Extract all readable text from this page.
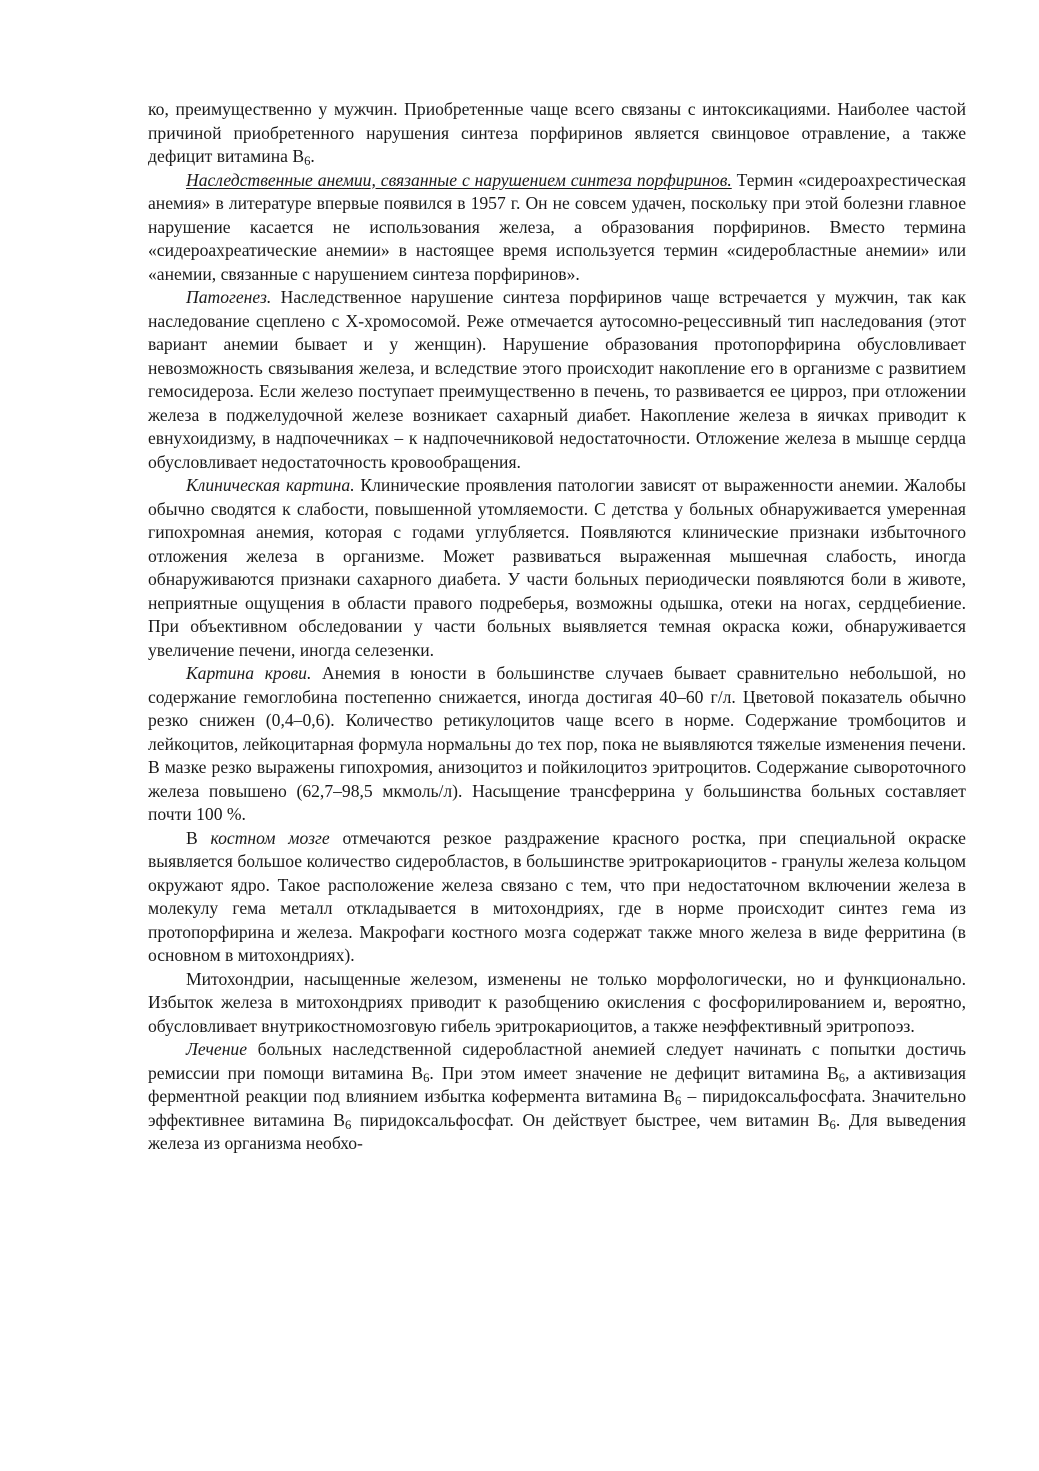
ко, преимущественно у мужчин. Приобретенные чаще всего связаны с интоксикациями. Наиболее частой причиной приобретенного нарушения синтеза порфиринов является свинцовое отравление, а также дефицит витамина $В_6$.

Наследственные анемии, связанные с нарушением синтеза порфиринов. Термин «сидероахрестическая анемия» в литературе впервые появился в 1957 г. Он не совсем удачен, поскольку при этой болезни главное нарушение касается не использования железа, а образования порфиринов. Вместо термина «сидероахреатические анемии» в настоящее время используется термин «сидеробластные анемии» или «анемии, связанные с нарушением синтеза порфиринов».

Патогенез. Наследственное нарушение синтеза порфиринов чаще встречается у мужчин, так как наследование сцеплено с Х-хромосомой. Реже отмечается аутосомно-рецессивный тип наследования (этот вариант анемии бывает и у женщин). Нарушение образования протопорфирина обусловливает невозможность связывания железа, и вследствие этого происходит накопление его в организме с развитием гемосидероза. Если железо поступает преимущественно в печень, то развивается ее цирроз, при отложении железа в поджелудочной железе возникает сахарный диабет. Накопление железа в яичках приводит к евнухоидизму, в надпочечниках – к надпочечниковой недостаточности. Отложение железа в мышце сердца обусловливает недостаточность кровообращения.

Клиническая картина. Клинические проявления патологии зависят от выраженности анемии. Жалобы обычно сводятся к слабости, повышенной утомляемости. С детства у больных обнаруживается умеренная гипохромная анемия, которая с годами углубляется. Появляются клинические признаки избыточного отложения железа в организме. Может развиваться выраженная мышечная слабость, иногда обнаруживаются признаки сахарного диабета. У части больных периодически появляются боли в животе, неприятные ощущения в области правого подреберья, возможны одышка, отеки на ногах, сердцебиение. При объективном обследовании у части больных выявляется темная окраска кожи, обнаруживается увеличение печени, иногда селезенки.

Картина крови. Анемия в юности в большинстве случаев бывает сравнительно небольшой, но содержание гемоглобина постепенно снижается, иногда достигая 40–60 г/л. Цветовой показатель обычно резко снижен (0,4–0,6). Количество ретикулоцитов чаще всего в норме. Содержание тромбоцитов и лейкоцитов, лейкоцитарная формула нормальны до тех пор, пока не выявляются тяжелые изменения печени. В мазке резко выражены гипохромия, анизоцитоз и пойкилоцитоз эритроцитов. Содержание сывороточного железа повышено (62,7–98,5 мкмоль/л). Насыщение трансферрина у большинства больных составляет почти 100 %.

В костном мозге отмечаются резкое раздражение красного ростка, при специальной окраске выявляется большое количество сидеробластов, в большинстве эритрокариоцитов - гранулы железа кольцом окружают ядро. Такое расположение железа связано с тем, что при недостаточном включении железа в молекулу гема металл откладывается в митохондриях, где в норме происходит синтез гема из протопорфирина и железа. Макрофаги костного мозга содержат также много железа в виде ферритина (в основном в митохондриях).

Митохондрии, насыщенные железом, изменены не только морфологически, но и функционально. Избыток железа в митохондриях приводит к разобщению окисления с фосфорилированием и, вероятно, обусловливает внутрикостномозговую гибель эритрокариоцитов, а также неэффективный эритропоэз.

Лечение больных наследственной сидеробластной анемией следует начинать с попытки достичь ремиссии при помощи витамина $В_6$. При этом имеет значение не дефицит витамина $В_6$, а активизация ферментной реакции под влиянием избытка кофермента витамина $В_6$ – пиридоксальфосфата. Значительно эффективнее витамина $В_6$ пиридоксальфосфат. Он действует быстрее, чем витамин $В_6$. Для выведения железа из организма необхо-
